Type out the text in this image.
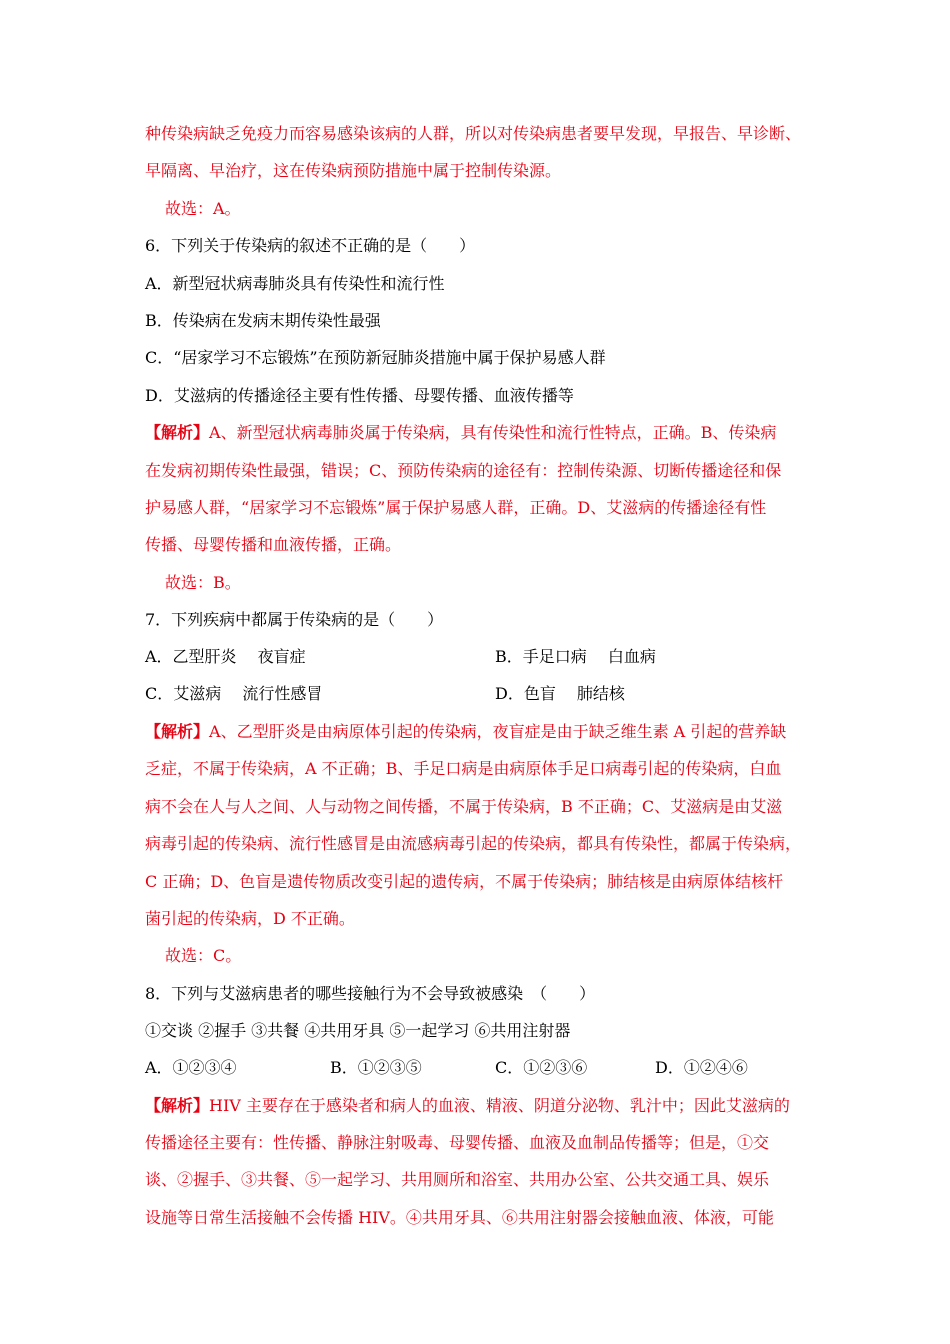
种传染病缺乏免疫力而容易感染该病的人群，所以对传染病患者要早发现，早报告、早诊断、
早隔离、早治疗，这在传染病预防措施中属于控制传染源。
故选：A。
6．下列关于传染病的叙述不正确的是（　　）
A．新型冠状病毒肺炎具有传染性和流行性
B．传染病在发病末期传染性最强
C．“居家学习不忘锻炼”在预防新冠肺炎措施中属于保护易感人群
D．艾滋病的传播途径主要有性传播、母婴传播、血液传播等
【解析】A、新型冠状病毒肺炎属于传染病，具有传染性和流行性特点，正确。B、传染病
在发病初期传染性最强，错误；C、预防传染病的途径有：控制传染源、切断传播途径和保
护易感人群，“居家学习不忘锻炼”属于保护易感人群，正确。D、艾滋病的传播途径有性
传播、母婴传播和血液传播，正确。
故选：B。
7．下列疾病中都属于传染病的是（　　）
A．乙型肝炎　 夜盲症	B．手足口病　 白血病
C．艾滋病　 流行性感冒	D．色盲　 肺结核
【解析】A、乙型肝炎是由病原体引起的传染病，夜盲症是由于缺乏维生素 A 引起的营养缺
乏症，不属于传染病，A 不正确；B、手足口病是由病原体手足口病毒引起的传染病，白血
病不会在人与人之间、人与动物之间传播，不属于传染病，B 不正确；C、艾滋病是由艾滋
病毒引起的传染病、流行性感冒是由流感病毒引起的传染病，都具有传染性，都属于传染病，
C 正确；D、色盲是遗传物质改变引起的遗传病，不属于传染病；肺结核是由病原体结核杆
菌引起的传染病，D 不正确。
故选：C。
8．下列与艾滋病患者的哪些接触行为不会导致被感染　（　　）
①交谈 ②握手 ③共餐 ④共用牙具 ⑤一起学习 ⑥共用注射器
A．①②③④	B．①②③⑤	C．①②③⑥	D．①②④⑥
【解析】HIV 主要存在于感染者和病人的血液、精液、阴道分泌物、乳汁中；因此艾滋病的
传播途径主要有：性传播、静脉注射吸毒、母婴传播、血液及血制品传播等；但是，①交
谈、②握手、③共餐、⑤一起学习、共用厕所和浴室、共用办公室、公共交通工具、娱乐
设施等日常生活接触不会传播 HIV。④共用牙具、⑥共用注射器会接触血液、体液，可能
